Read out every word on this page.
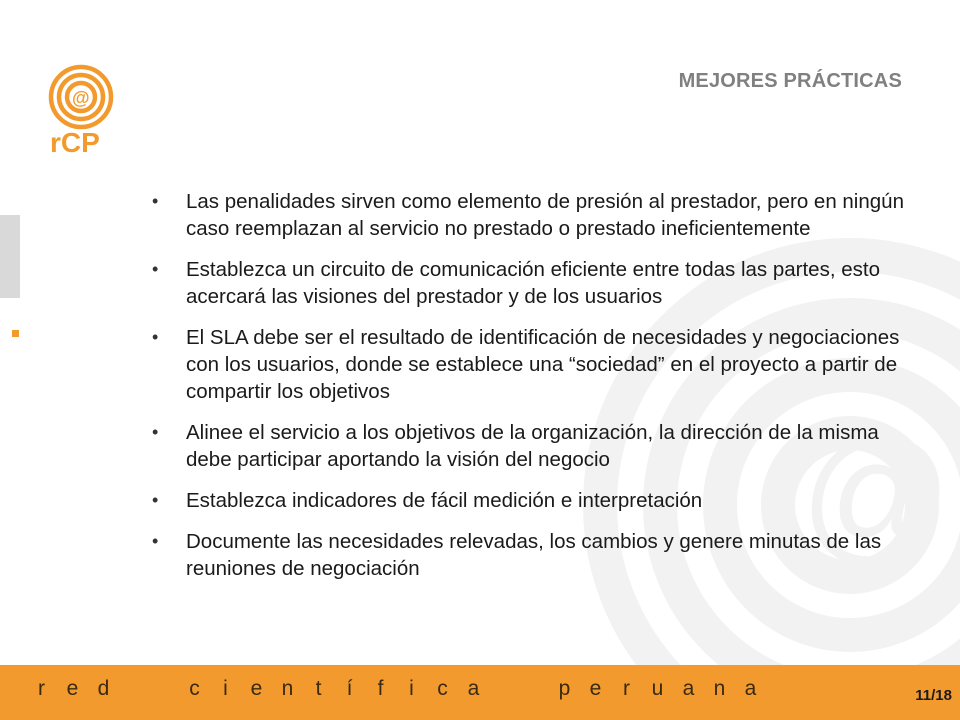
@
@
rCP
MEJORES PRÁCTICAS
• Las penalidades sirven como elemento de presión al prestador, pero en ningún caso reemplazan al servicio no prestado o prestado ineficientemente
• Establezca un circuito de comunicación eficiente entre todas las partes, esto acercará las visiones del prestador y de los usuarios
• El SLA debe ser el resultado de identificación de necesidades y negociaciones con los usuarios, donde se establece una “sociedad” en el proyecto a partir de compartir los objetivos
• Alinee el servicio a los objetivos de la organización, la dirección de la misma debe participar aportando la visión del negocio
• Establezca indicadores de fácil medición e interpretación
• Documente las necesidades relevadas, los cambios y genere minutas de las reuniones de negociación
r	e d

	c	i	e n	t	í	f	i	c a

	p e	r	u a n a	11/18
